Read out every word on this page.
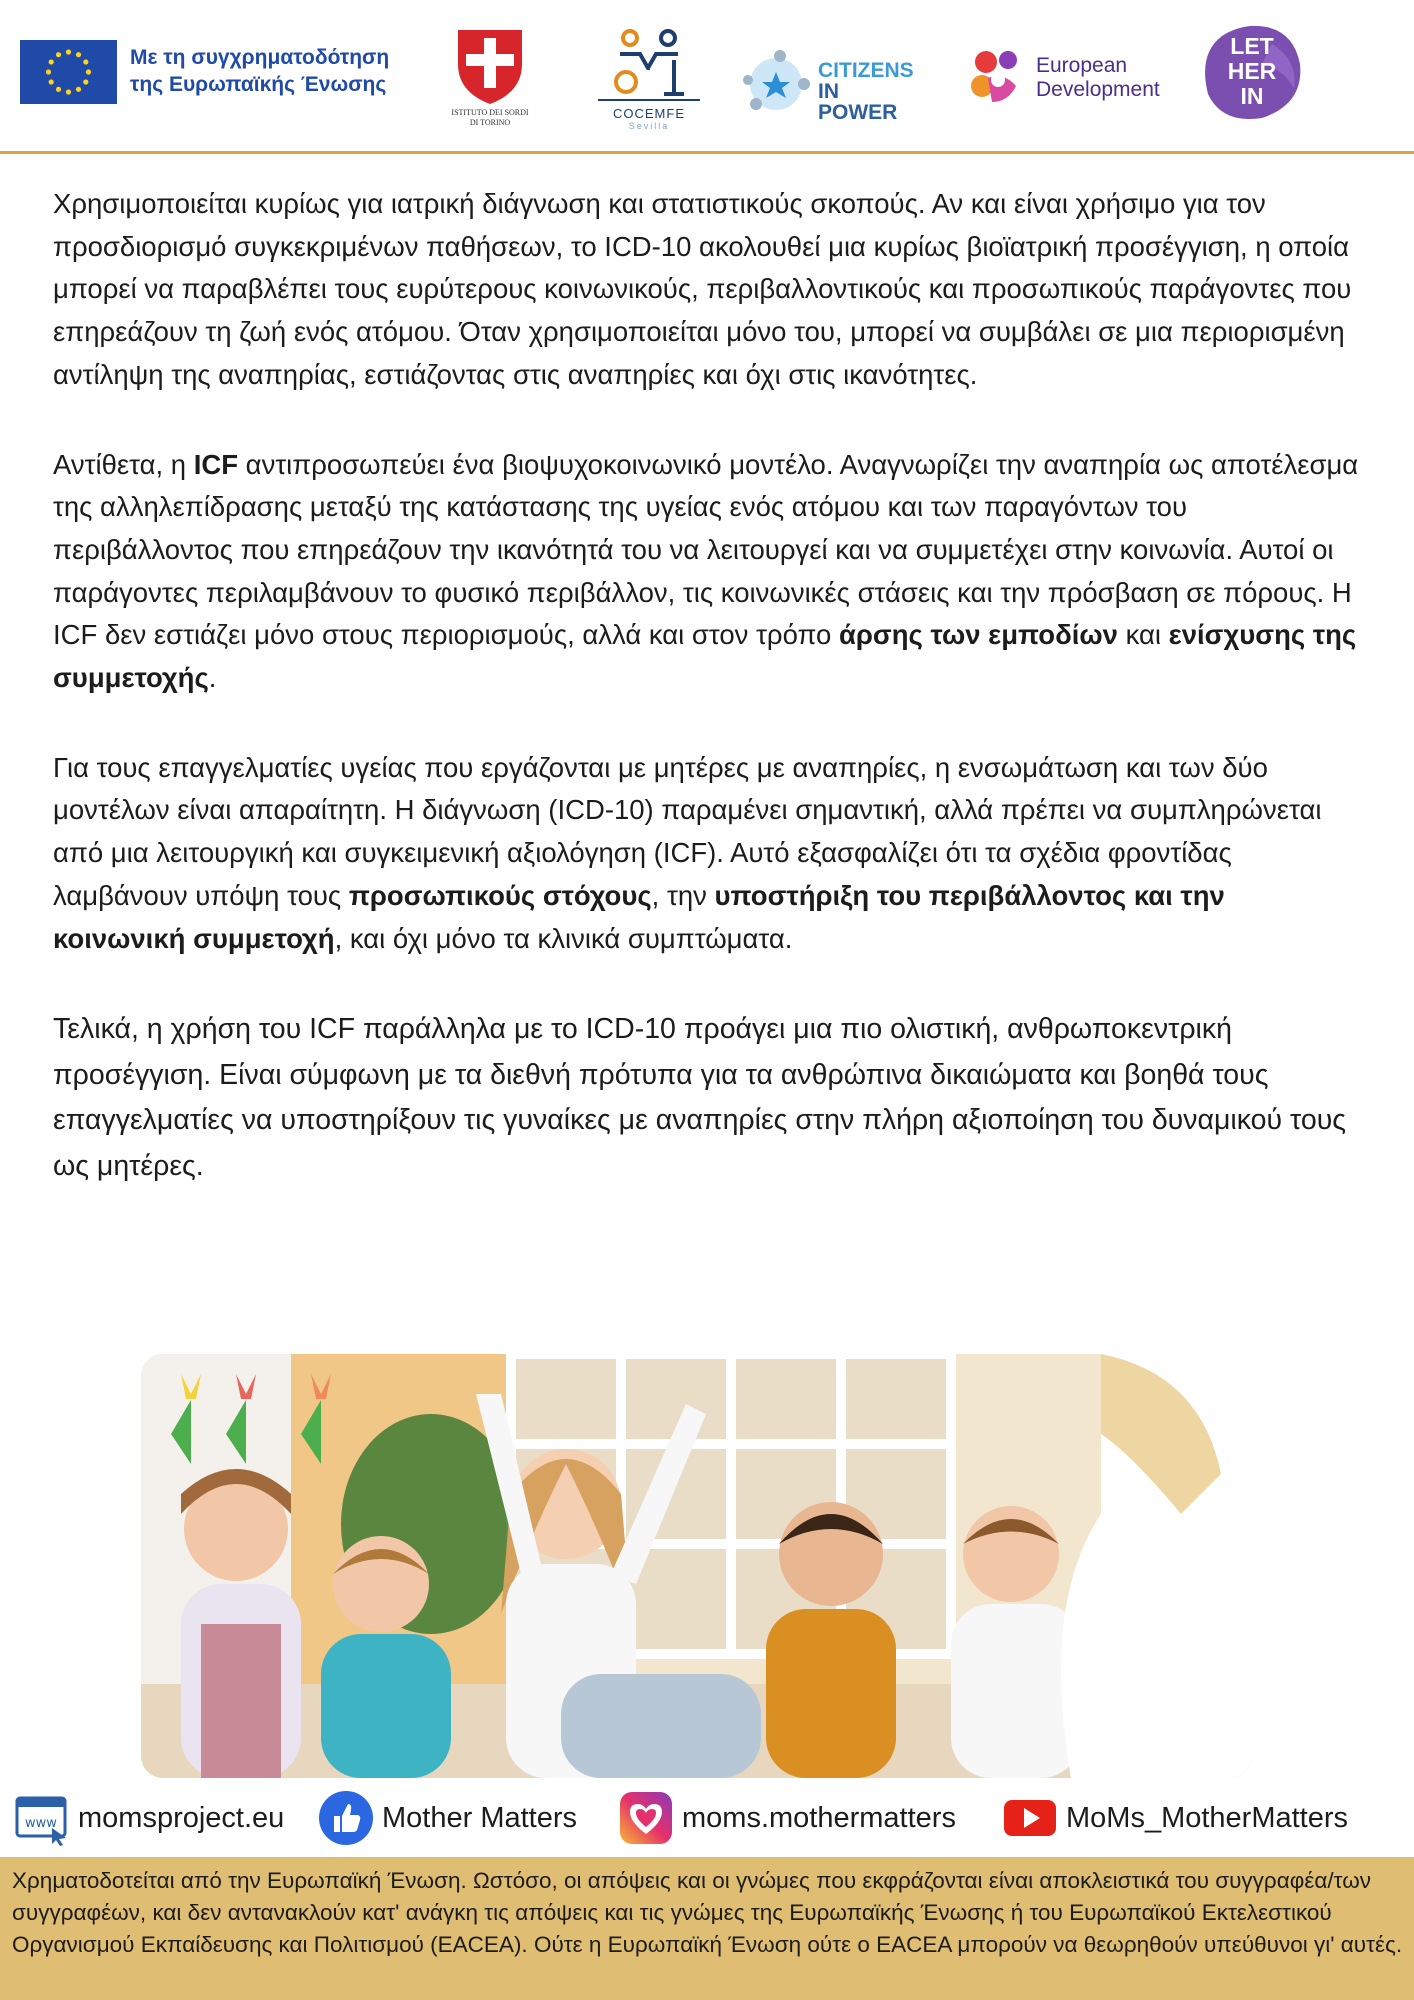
Με τη συγχρηματοδότηση
της Ευρωπαϊκής Ένωσης
ISTITUTO DEI SORDI
DI TORINO
COCEMFE
Sevilla
CITIZENS
IN POWER
European
Development
LET
HER
IN

Χρησιμοποιείται κυρίως για ιατρική διάγνωση και στατιστικούς σκοπούς. Αν και είναι χρήσιμο για τον προσδιορισμό συγκεκριμένων παθήσεων, το ICD-10 ακολουθεί μια κυρίως βιοϊατρική προσέγγιση, η οποία μπορεί να παραβλέπει τους ευρύτερους κοινωνικούς, περιβαλλοντικούς και προσωπικούς παράγοντες που επηρεάζουν τη ζωή ενός ατόμου. Όταν χρησιμοποιείται μόνο του, μπορεί να συμβάλει σε μια περιορισμένη αντίληψη της αναπηρίας, εστιάζοντας στις αναπηρίες και όχι στις ικανότητες.

Αντίθετα, η ICF αντιπροσωπεύει ένα βιοψυχοκοινωνικό μοντέλο. Αναγνωρίζει την αναπηρία ως αποτέλεσμα της αλληλεπίδρασης μεταξύ της κατάστασης της υγείας ενός ατόμου και των παραγόντων του περιβάλλοντος που επηρεάζουν την ικανότητά του να λειτουργεί και να συμμετέχει στην κοινωνία. Αυτοί οι παράγοντες περιλαμβάνουν το φυσικό περιβάλλον, τις κοινωνικές στάσεις και την πρόσβαση σε πόρους. Η ICF δεν εστιάζει μόνο στους περιορισμούς, αλλά και στον τρόπο άρσης των εμποδίων και ενίσχυσης της συμμετοχής.

Για τους επαγγελματίες υγείας που εργάζονται με μητέρες με αναπηρίες, η ενσωμάτωση και των δύο μοντέλων είναι απαραίτητη. Η διάγνωση (ICD-10) παραμένει σημαντική, αλλά πρέπει να συμπληρώνεται από μια λειτουργική και συγκειμενική αξιολόγηση (ICF). Αυτό εξασφαλίζει ότι τα σχέδια φροντίδας λαμβάνουν υπόψη τους προσωπικούς στόχους, την υποστήριξη του περιβάλλοντος και την κοινωνική συμμετοχή, και όχι μόνο τα κλινικά συμπτώματα.

Τελικά, η χρήση του ICF παράλληλα με το ICD-10 προάγει μια πιο ολιστική, ανθρωποκεντρική προσέγγιση. Είναι σύμφωνη με τα διεθνή πρότυπα για τα ανθρώπινα δικαιώματα και βοηθά τους επαγγελματίες να υποστηρίξουν τις γυναίκες με αναπηρίες στην πλήρη αξιοποίηση του δυναμικού τους ως μητέρες.

www momsproject.eu	Mother Matters	moms.mothermatters	MoMs_MotherMatters
Χρηματοδοτείται από την Ευρωπαϊκή Ένωση. Ωστόσο, οι απόψεις και οι γνώμες που εκφράζονται είναι αποκλειστικά του συγγραφέα/των συγγραφέων, και δεν αντανακλούν κατ' ανάγκη τις απόψεις και τις γνώμες της Ευρωπαϊκής Ένωσης ή του Ευρωπαϊκού Εκτελεστικού Οργανισμού Εκπαίδευσης και Πολιτισμού (EACEA). Ούτε η Ευρωπαϊκή Ένωση ούτε ο EACEA μπορούν να θεωρηθούν υπεύθυνοι γι' αυτές.
